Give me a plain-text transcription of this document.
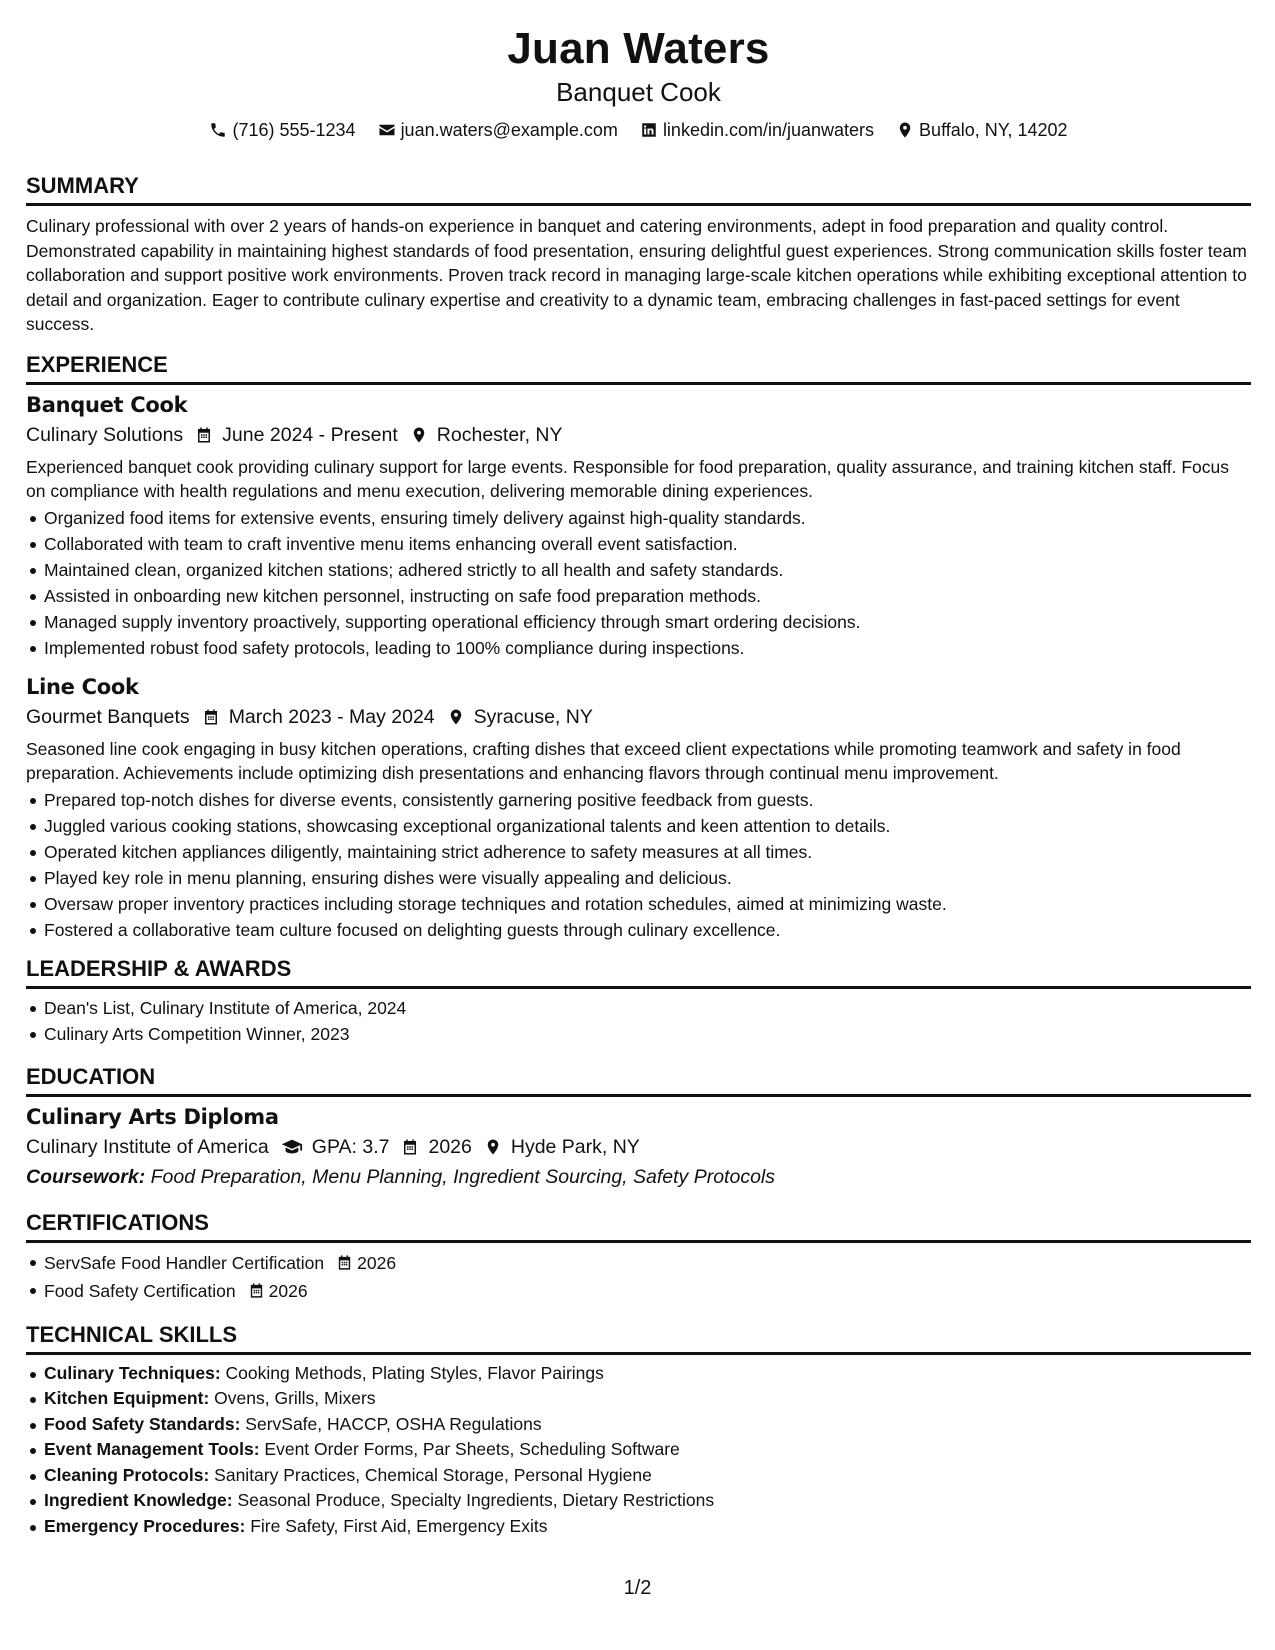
Juan Waters
Banquet Cook
(716) 555-1234	juan.waters@example.com	linkedin.com/in/juanwaters	Buffalo, NY, 14202
SUMMARY
Culinary professional with over 2 years of hands-on experience in banquet and catering environments, adept in food preparation and quality control. Demonstrated capability in maintaining highest standards of food presentation, ensuring delightful guest experiences. Strong communication skills foster team collaboration and support positive work environments. Proven track record in managing large-scale kitchen operations while exhibiting exceptional attention to detail and organization. Eager to contribute culinary expertise and creativity to a dynamic team, embracing challenges in fast-paced settings for event success.
EXPERIENCE
Banquet Cook
Culinary Solutions June 2024 - Present Rochester, NY
Experienced banquet cook providing culinary support for large events. Responsible for food preparation, quality assurance, and training kitchen staff. Focus on compliance with health regulations and menu execution, delivering memorable dining experiences.
Organized food items for extensive events, ensuring timely delivery against high-quality standards.
Collaborated with team to craft inventive menu items enhancing overall event satisfaction.
Maintained clean, organized kitchen stations; adhered strictly to all health and safety standards.
Assisted in onboarding new kitchen personnel, instructing on safe food preparation methods.
Managed supply inventory proactively, supporting operational efficiency through smart ordering decisions.
Implemented robust food safety protocols, leading to 100% compliance during inspections.
Line Cook
Gourmet Banquets March 2023 - May 2024 Syracuse, NY
Seasoned line cook engaging in busy kitchen operations, crafting dishes that exceed client expectations while promoting teamwork and safety in food preparation. Achievements include optimizing dish presentations and enhancing flavors through continual menu improvement.
Prepared top-notch dishes for diverse events, consistently garnering positive feedback from guests.
Juggled various cooking stations, showcasing exceptional organizational talents and keen attention to details.
Operated kitchen appliances diligently, maintaining strict adherence to safety measures at all times.
Played key role in menu planning, ensuring dishes were visually appealing and delicious.
Oversaw proper inventory practices including storage techniques and rotation schedules, aimed at minimizing waste.
Fostered a collaborative team culture focused on delighting guests through culinary excellence.
LEADERSHIP & AWARDS
Dean's List, Culinary Institute of America, 2024
Culinary Arts Competition Winner, 2023
EDUCATION
Culinary Arts Diploma
Culinary Institute of America GPA: 3.7 2026 Hyde Park, NY
Coursework: Food Preparation, Menu Planning, Ingredient Sourcing, Safety Protocols
CERTIFICATIONS
ServSafe Food Handler Certification 2026
Food Safety Certification 2026
TECHNICAL SKILLS
Culinary Techniques: Cooking Methods, Plating Styles, Flavor Pairings
Kitchen Equipment: Ovens, Grills, Mixers
Food Safety Standards: ServSafe, HACCP, OSHA Regulations
Event Management Tools: Event Order Forms, Par Sheets, Scheduling Software
Cleaning Protocols: Sanitary Practices, Chemical Storage, Personal Hygiene
Ingredient Knowledge: Seasonal Produce, Specialty Ingredients, Dietary Restrictions
Emergency Procedures: Fire Safety, First Aid, Emergency Exits
1/2
